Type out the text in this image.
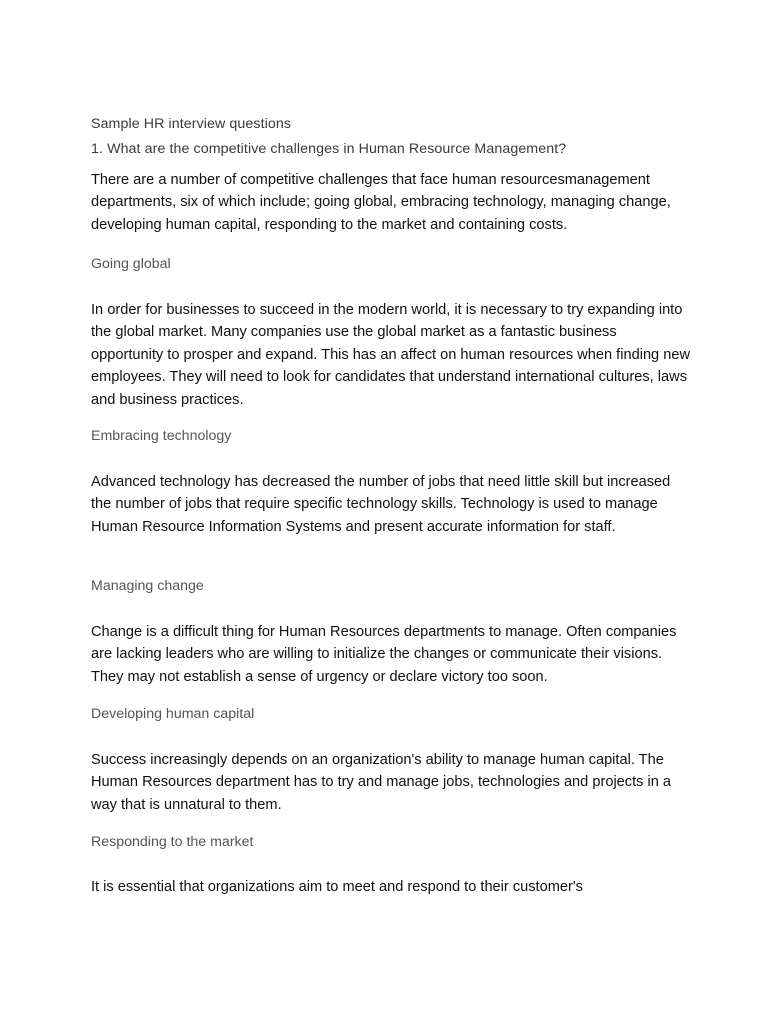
Sample HR interview questions
1. What are the competitive challenges in Human Resource Management?
There are a number of competitive challenges that face human resourcesmanagement departments, six of which include; going global, embracing technology, managing change, developing human capital, responding to the market and containing costs.
Going global
In order for businesses to succeed in the modern world, it is necessary to try expanding into the global market. Many companies use the global market as a fantastic business opportunity to prosper and expand. This has an affect on human resources when finding new employees. They will need to look for candidates that understand international cultures, laws and business practices.
Embracing technology
Advanced technology has decreased the number of jobs that need little skill but increased the number of jobs that require specific technology skills. Technology is used to manage Human Resource Information Systems and present accurate information for staff.
Managing change
Change is a difficult thing for Human Resources departments to manage. Often companies are lacking leaders who are willing to initialize the changes or communicate their visions. They may not establish a sense of urgency or declare victory too soon.
Developing human capital
Success increasingly depends on an organization's ability to manage human capital. The Human Resources department has to try and manage jobs, technologies and projects in a way that is unnatural to them.
Responding to the market
It is essential that organizations aim to meet and respond to their customer's
